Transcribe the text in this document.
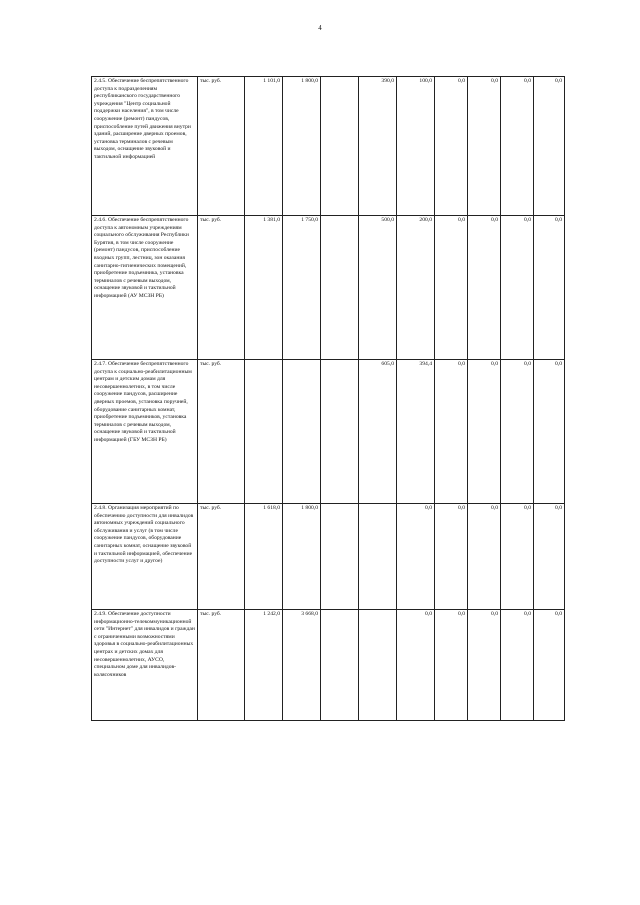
4
2.4.5. Обеспечение беспрепятственного доступа к подразделениям республиканского государственного учреждения "Центр социальной поддержки населения", в том числе сооружение (ремонт) пандусов, приспособление путей движения внутри зданий, расширение дверных проемов, установка терминалов с речевым выходом, оснащение звуковой и тактильной информацией	тыс. руб.	1 101,0	1 800,0		390,0	100,0	0,0	0,0	0,0	0,0
2.4.6. Обеспечение беспрепятственного доступа к автономным учреждениям социального обслуживания Республики Бурятия, в том числе сооружение (ремонт) пандусов, приспособление входных групп, лестниц, зон оказания санитарно-гигиенических помещений, приобретение подъемника, установка терминалов с речевым выходом, оснащение звуковой и тактильной информацией (АУ МСЗН РБ)	тыс. руб.	1 381,0	1 750,0		500,0	200,0	0,0	0,0	0,0	0,0
2.4.7. Обеспечение беспрепятственного доступа к социально-реабилитационным центрам и детским домам для несовершеннолетних, в том числе сооружение пандусов, расширение дверных проемов, установка поручней, оборудование санитарных комнат, приобретение подъемников, установка терминалов с речевым выходом, оснащение звуковой и тактильной информацией (ГБУ МСЗН РБ)	тыс. руб.				605,0	394,4	0,0	0,0	0,0	0,0
2.4.8. Организация мероприятий по обеспечению доступности для инвалидов автономных учреждений социального обслуживания и услуг (в том числе сооружение пандусов, оборудование санитарных комнат, оснащение звуковой и тактильной информацией, обеспечение доступности услуг и другое)	тыс. руб.	1 618,0	1 800,0			0,0	0,0	0,0	0,0	0,0
2.4.9. Обеспечение доступности информационно-телекоммуникационной сети "Интернет" для инвалидов и граждан с ограниченными возможностями здоровья в социально-реабилитационных центрах и детских домах для несовершеннолетних, АУСО, специальном доме для инвалидов-колясочников	тыс. руб.	1 242,0	3 668,0			0,0	0,0	0,0	0,0	0,0
